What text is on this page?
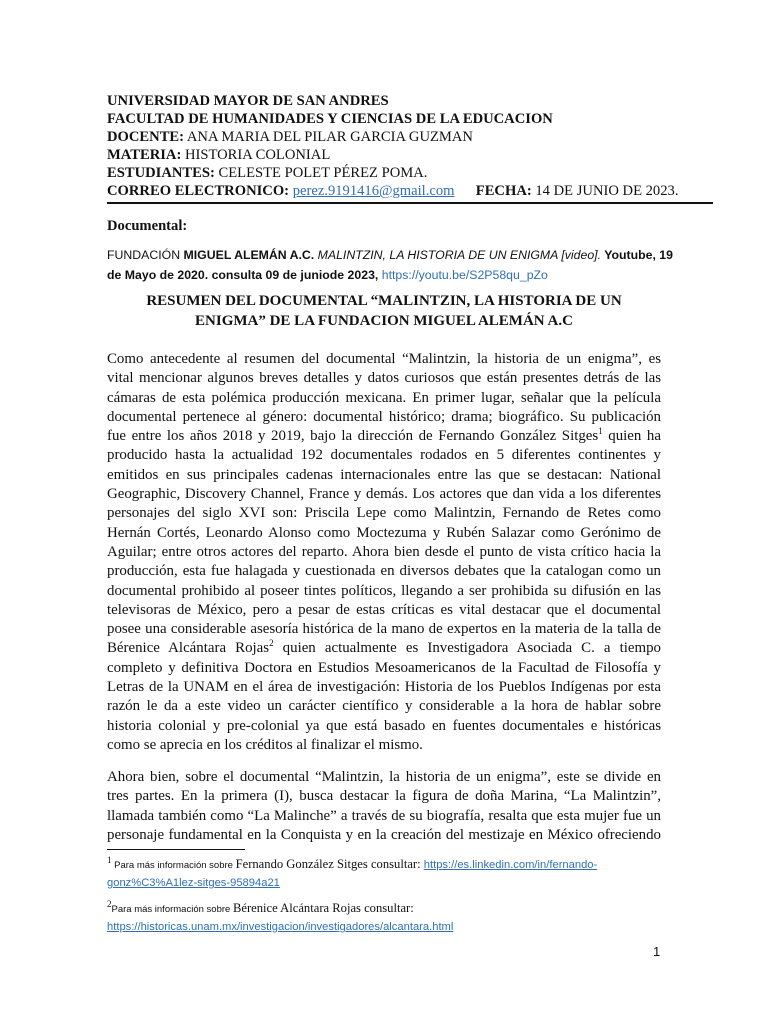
UNIVERSIDAD MAYOR DE SAN ANDRES
FACULTAD DE HUMANIDADES Y CIENCIAS DE LA EDUCACION
DOCENTE: ANA MARIA DEL PILAR GARCIA GUZMAN
MATERIA: HISTORIA COLONIAL
ESTUDIANTES: CELESTE POLET PÉREZ POMA.
CORREO ELECTRONICO: perez.9191416@gmail.com FECHA: 14 DE JUNIO DE 2023.
Documental:
FUNDACIÓN MIGUEL ALEMÁN A.C. MALINTZIN, LA HISTORIA DE UN ENIGMA [video]. Youtube, 19
de Mayo de 2020. consulta 09 de juniode 2023, https://youtu.be/S2P58qu_pZo
RESUMEN DEL DOCUMENTAL “MALINTZIN, LA HISTORIA DE UN
ENIGMA” DE LA FUNDACION MIGUEL ALEMÁN A.C
Como antecedente al resumen del documental “Malintzin, la historia de un enigma”, es
vital mencionar algunos breves detalles y datos curiosos que están presentes detrás de las
cámaras de esta polémica producción mexicana. En primer lugar, señalar que la película
documental pertenece al género: documental histórico; drama; biográfico. Su publicación
fue entre los años 2018 y 2019, bajo la dirección de Fernando González Sitges$^1$ quien ha
producido hasta la actualidad 192 documentales rodados en 5 diferentes continentes y
emitidos en sus principales cadenas internacionales entre las que se destacan: National
Geographic, Discovery Channel, France y demás. Los actores que dan vida a los diferentes
personajes del siglo XVI son: Priscila Lepe como Malintzin, Fernando de Retes como
Hernán Cortés, Leonardo Alonso como Moctezuma y Rubén Salazar como Gerónimo de
Aguilar; entre otros actores del reparto. Ahora bien desde el punto de vista crítico hacia la
producción, esta fue halagada y cuestionada en diversos debates que la catalogan como un
documental prohibido al poseer tintes políticos, llegando a ser prohibida su difusión en las
televisoras de México, pero a pesar de estas críticas es vital destacar que el documental
posee una considerable asesoría histórica de la mano de expertos en la materia de la talla de
Bérenice Alcántara Rojas$^2$ quien actualmente es Investigadora Asociada C. a tiempo
completo y definitiva Doctora en Estudios Mesoamericanos de la Facultad de Filosofía y
Letras de la UNAM en el área de investigación: Historia de los Pueblos Indígenas por esta
razón le da a este video un carácter científico y considerable a la hora de hablar sobre
historia colonial y pre-colonial ya que está basado en fuentes documentales e históricas
como se aprecia en los créditos al finalizar el mismo.
Ahora bien, sobre el documental “Malintzin, la historia de un enigma”, este se divide en
tres partes. En la primera (I), busca destacar la figura de doña Marina, “La Malintzin”,
llamada también como “La Malinche” a través de su biografía, resalta que esta mujer fue un
personaje fundamental en la Conquista y en la creación del mestizaje en México ofreciendo
$^1$ Para más información sobre Fernando González Sitges consultar: https://es.linkedin.com/in/fernando-
gonz%C3%A1lez-sitges-95894a21
$^2$Para más información sobre Bérenice Alcántara Rojas consultar:
https://historicas.unam.mx/investigacion/investigadores/alcantara.html
1
